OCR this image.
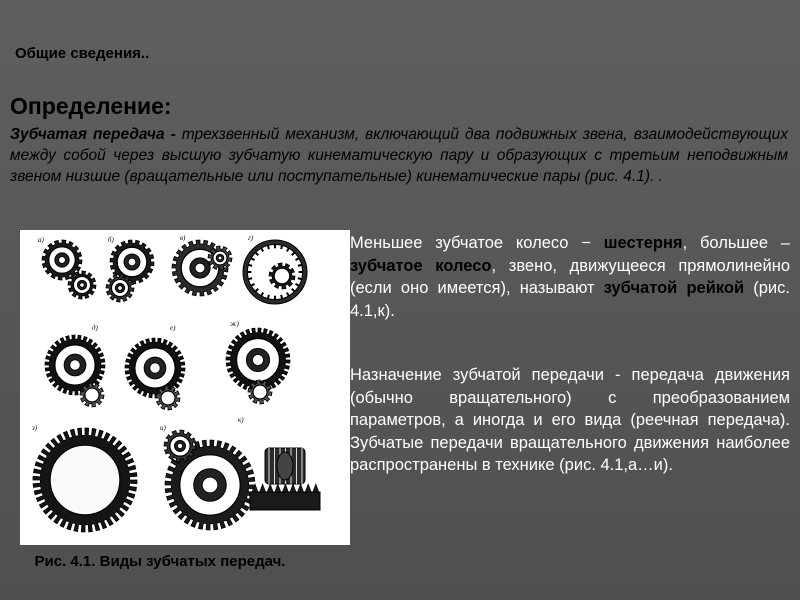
Общие сведения..
Определение:
Зубчатая передача - трехзвенный механизм, включающий два подвижных звена, взаимодействующих между собой через высшую зубчатую кинематическую пару и образующих с третьим неподвижным звеном низшие (вращательные или поступательные) кинематические пары (рис. 4.1). .
а)	б)	в)	г)
д)	е)	ж)
з)	и)
к)
Рис. 4.1. Виды зубчатых передач.
Меньшее зубчатое колесо − шестерня, большее – зубчатое колесо, звено, движущееся прямолинейно (если оно имеется), называют зубчатой рейкой (рис. 4.1,к).
Назначение зубчатой передачи - передача движения (обычно вращательного) с преобразованием параметров, а иногда и его вида (реечная передача). Зубчатые передачи вращательного движения наиболее распространены в технике (рис. 4.1,а…и).
